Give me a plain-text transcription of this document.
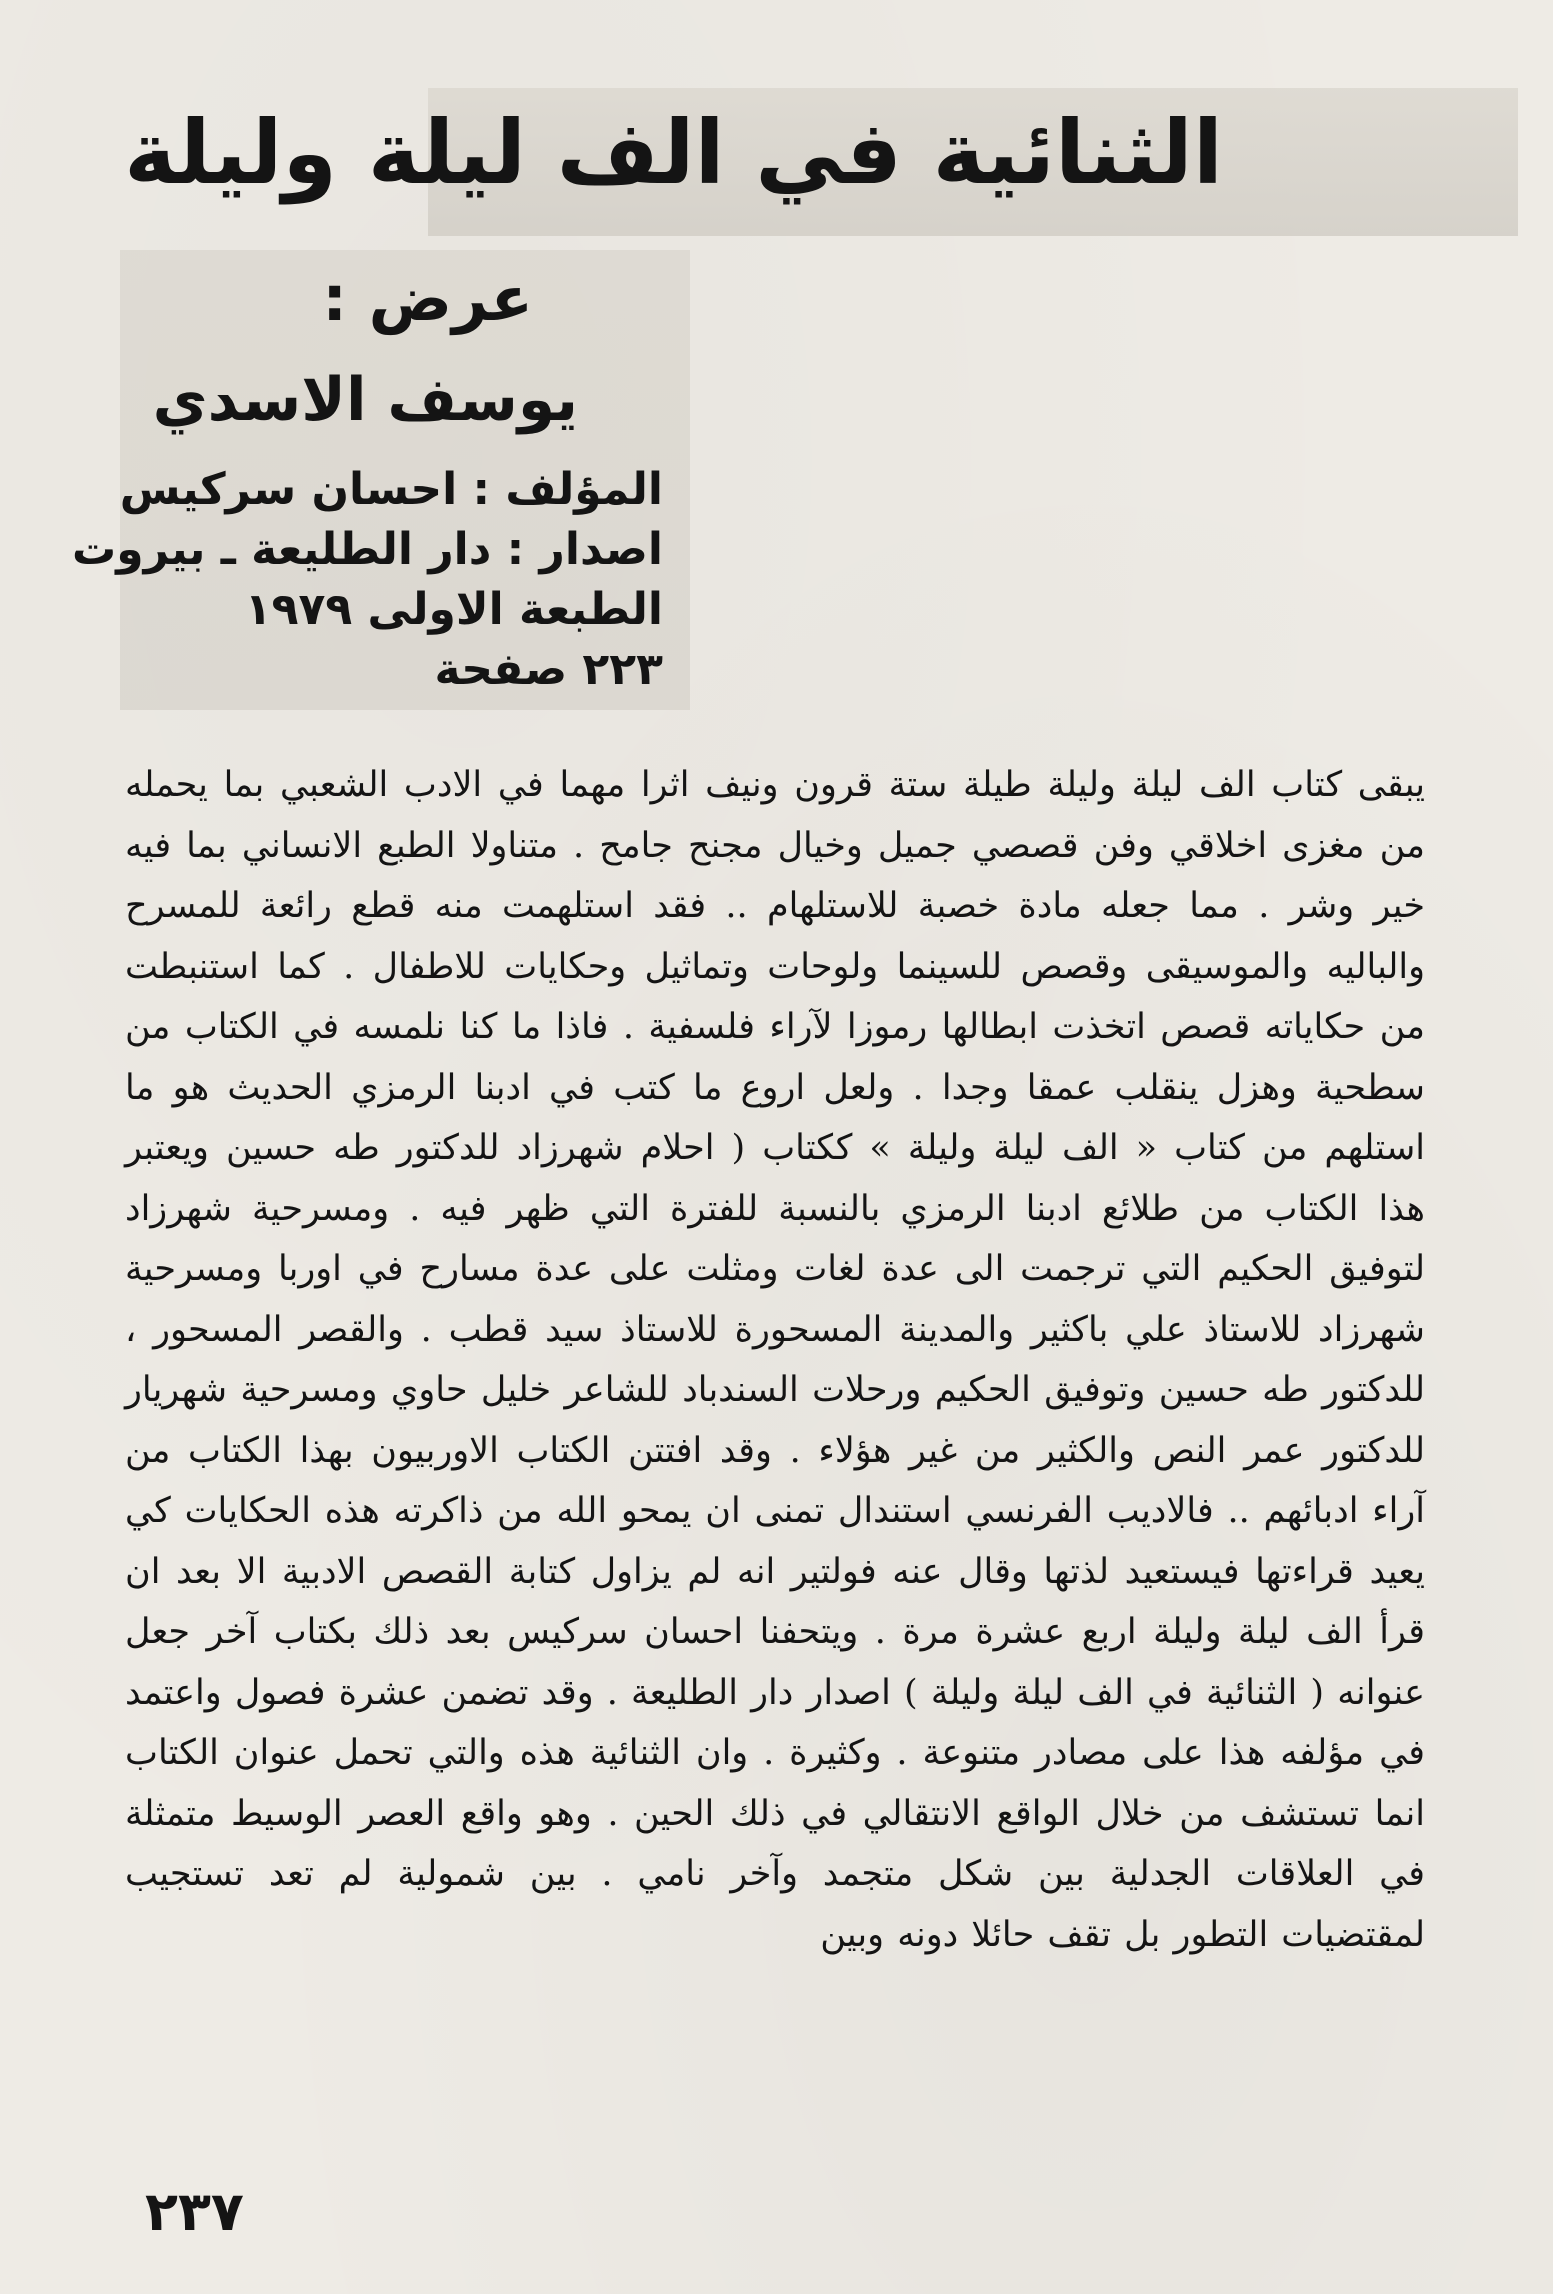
الثنائية في الف ليلة وليلة
عرض :
يوسف الاسدي
المؤلف : احسان سركيس
اصدار : دار الطليعة ـ بيروت
الطبعة الاولى ١٩٧٩
٢٢٣ صفحة

يبقى كتاب الف ليلة وليلة طيلة ستة قرون ونيف اثرا مهما في الادب الشعبي بما يحمله من مغزى اخلاقي وفن قصصي جميل وخيال مجنح جامح . متناولا الطبع الانساني بما فيه خير وشر . مما جعله مادة خصبة للاستلهام .. فقد استلهمت منه قطع رائعة للمسرح والباليه والموسيقى وقصص للسينما ولوحات وتماثيل وحكايات للاطفال . كما استنبطت من حكاياته قصص اتخذت ابطالها رموزا لآراء فلسفية . فاذا ما كنا نلمسه في الكتاب من سطحية وهزل ينقلب عمقا وجدا . ولعل اروع ما كتب في ادبنا الرمزي الحديث هو ما استلهم من كتاب « الف ليلة وليلة » ككتاب ( احلام شهرزاد للدكتور طه حسين ويعتبر هذا الكتاب من طلائع ادبنا الرمزي بالنسبة للفترة التي ظهر فيه . ومسرحية شهرزاد لتوفيق الحكيم التي ترجمت الى عدة لغات ومثلت على عدة مسارح في اوربا ومسرحية شهرزاد للاستاذ علي باكثير والمدينة المسحورة للاستاذ سيد قطب . والقصر المسحور ، للدكتور طه حسين وتوفيق الحكيم ورحلات السندباد للشاعر خليل حاوي ومسرحية شهريار للدكتور عمر النص والكثير من غير هؤلاء . وقد افتتن الكتاب الاوربيون بهذا الكتاب من آراء ادبائهم .. فالاديب الفرنسي استندال تمنى ان يمحو الله من ذاكرته هذه الحكايات كي يعيد قراءتها فيستعيد لذتها وقال عنه فولتير انه لم يزاول كتابة القصص الادبية الا بعد ان قرأ الف ليلة وليلة اربع عشرة مرة . ويتحفنا احسان سركيس بعد ذلك بكتاب آخر جعل عنوانه ( الثنائية في الف ليلة وليلة ) اصدار دار الطليعة . وقد تضمن عشرة فصول واعتمد في مؤلفه هذا على مصادر متنوعة . وكثيرة . وان الثنائية هذه والتي تحمل عنوان الكتاب انما تستشف من خلال الواقع الانتقالي في ذلك الحين . وهو واقع العصر الوسيط متمثلة في العلاقات الجدلية بين شكل متجمد وآخر نامي . بين شمولية لم تعد تستجيب لمقتضيات التطور بل تقف حائلا دونه وبين

٢٣٧
